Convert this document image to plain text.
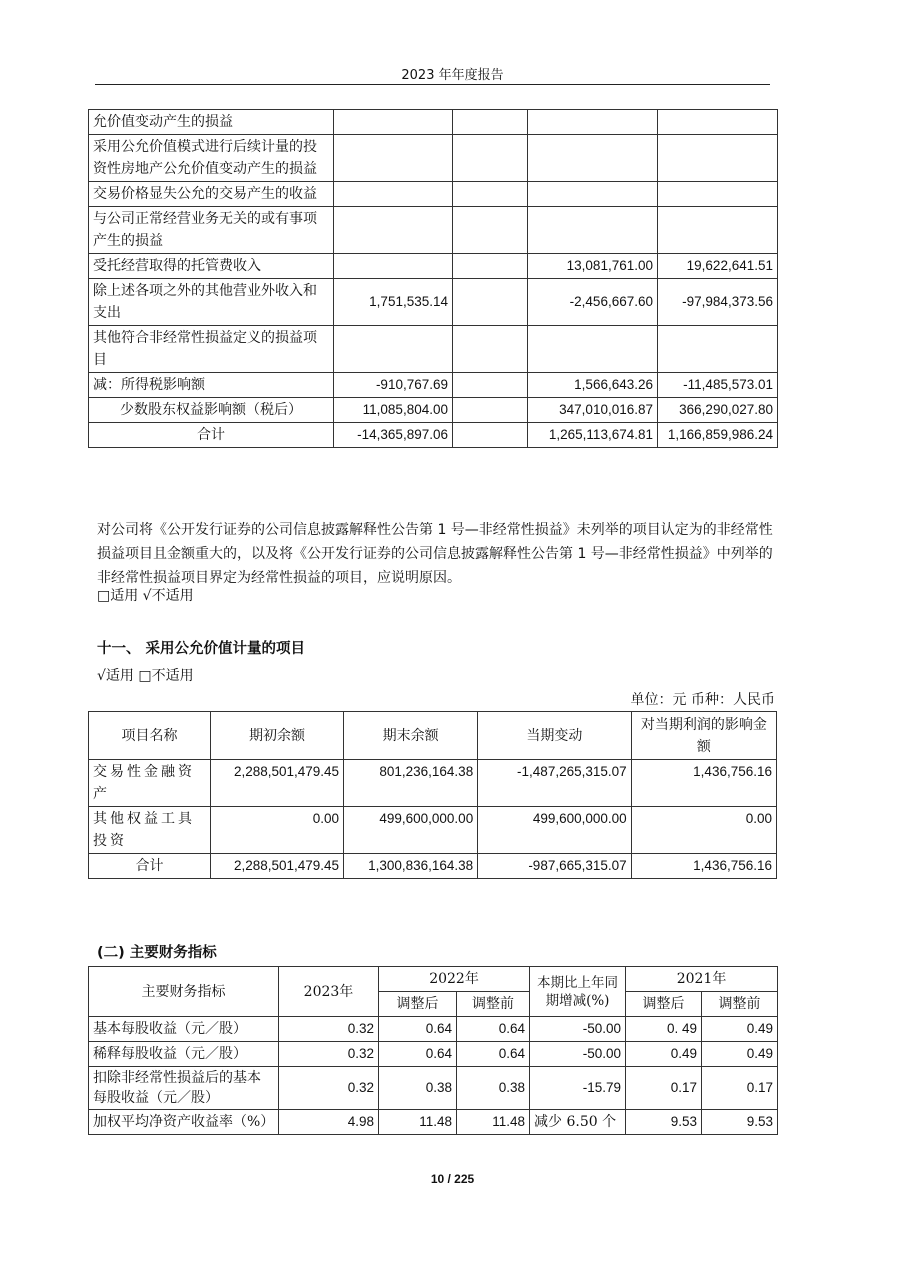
2023 年年度报告
允价值变动产生的损益				
采用公允价值模式进行后续计量的投资性房地产公允价值变动产生的损益				
交易价格显失公允的交易产生的收益				
与公司正常经营业务无关的或有事项产生的损益				
受托经营取得的托管费收入			13,081,761.00	19,622,641.51
除上述各项之外的其他营业外收入和支出	1,751,535.14		-2,456,667.60	-97,984,373.56
其他符合非经常性损益定义的损益项目				
减：所得税影响额	-910,767.69		1,566,643.26	-11,485,573.01
少数股东权益影响额（税后）	11,085,804.00		347,010,016.87	366,290,027.80
合计	-14,365,897.06		1,265,113,674.81	1,166,859,986.24
对公司将《公开发行证券的公司信息披露解释性公告第 1 号—非经常性损益》未列举的项目认定为的非经常性损益项目且金额重大的，以及将《公开发行证券的公司信息披露解释性公告第 1 号—非经常性损益》中列举的非经常性损益项目界定为经常性损益的项目，应说明原因。
□适用 √不适用
十一、 采用公允价值计量的项目
√适用 □不适用
单位：元 币种：人民币
项目名称	期初余额	期末余额	当期变动	对当期利润的影响金额
交易性金融资产	2,288,501,479.45	801,236,164.38	-1,487,265,315.07	1,436,756.16
其他权益工具投资	0.00	499,600,000.00	499,600,000.00	0.00
合计	2,288,501,479.45	1,300,836,164.38	-987,665,315.07	1,436,756.16
(二) 主要财务指标
主要财务指标	2023年	2022年		本期比上年同期增减(%)	2021年	
		调整后	调整前		调整后	调整前
基本每股收益（元／股）	0.32	0.64	0.64	-50.00	0. 49	0.49
稀释每股收益（元／股）	0.32	0.64	0.64	-50.00	0.49	0.49
扣除非经常性损益后的基本每股收益（元／股）	0.32	0.38	0.38	-15.79	0.17	0.17
加权平均净资产收益率（%）	4.98	11.48	11.48	减少 6.50 个	9.53	9.53
10 / 225
